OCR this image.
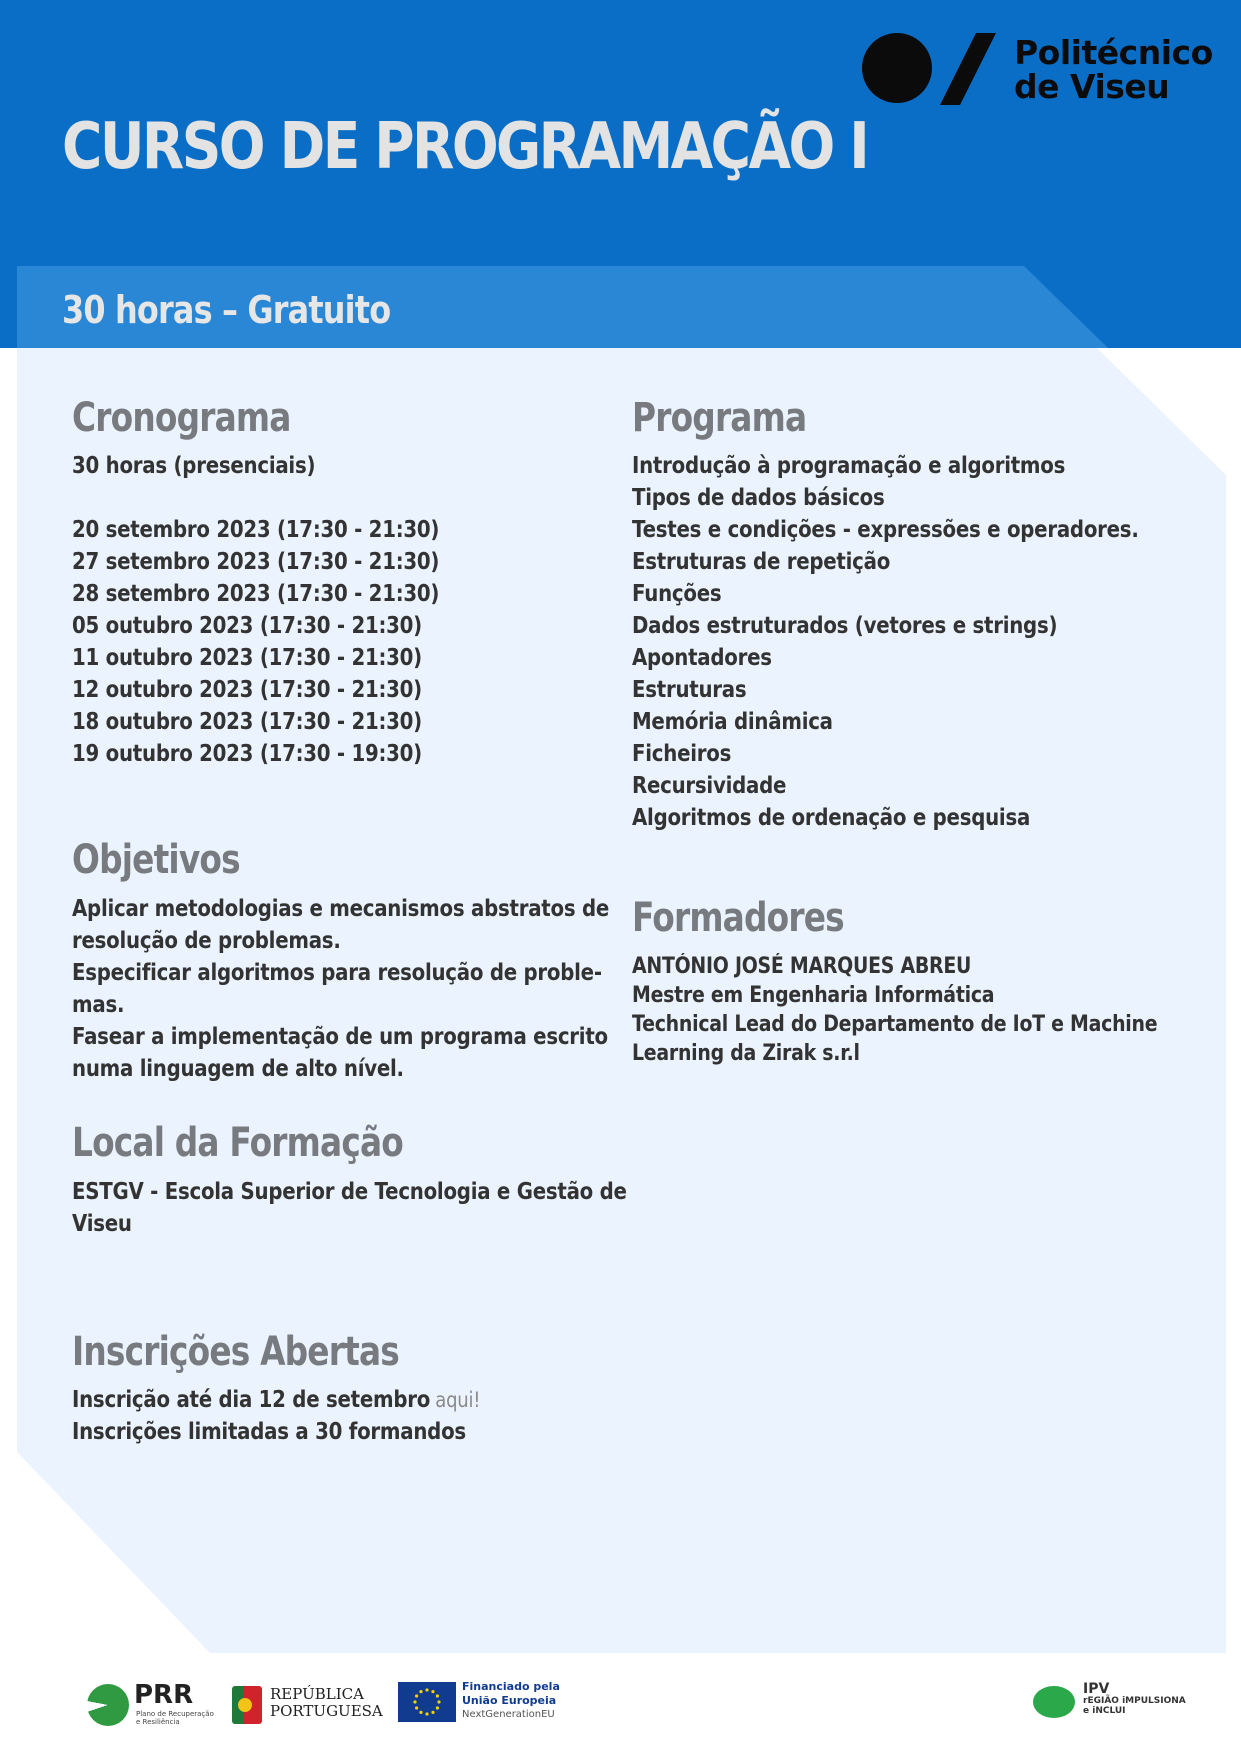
CURSO DE PROGRAMAÇÃO I
Politécnico
de Viseu
30 horas – Gratuito
Cronograma
30 horas (presenciais)
20 setembro 2023 (17:30 - 21:30)
27 setembro 2023 (17:30 - 21:30)
28 setembro 2023 (17:30 - 21:30)
05 outubro 2023 (17:30 - 21:30)
11 outubro 2023 (17:30 - 21:30)
12 outubro 2023 (17:30 - 21:30)
18 outubro 2023 (17:30 - 21:30)
19 outubro 2023 (17:30 - 19:30)
Objetivos
Aplicar metodologias e mecanismos abstratos de
resolução de problemas.
Especificar algoritmos para resolução de proble-
mas.
Fasear a implementação de um programa escrito
numa linguagem de alto nível.
Local da Formação
ESTGV - Escola Superior de Tecnologia e Gestão de
Viseu
Inscrições Abertas
Inscrição até dia 12 de setembro aqui!
Inscrições limitadas a 30 formandos
Programa
Introdução à programação e algoritmos
Tipos de dados básicos
Testes e condições - expressões e operadores.
Estruturas de repetição
Funções
Dados estruturados (vetores e strings)
Apontadores
Estruturas
Memória dinâmica
Ficheiros
Recursividade
Algoritmos de ordenação e pesquisa
Formadores
ANTÓNIO JOSÉ MARQUES ABREU
Mestre em Engenharia Informática
Technical Lead do Departamento de IoT e Machine
Learning da Zirak s.r.l
PRR
Plano de Recuperação
e Resiliência
REPÚBLICA
PORTUGUESA
Financiado pela
União Europeia
NextGenerationEU
IPV
rEGIÃO iMPULSIONA
e iNCLUI
